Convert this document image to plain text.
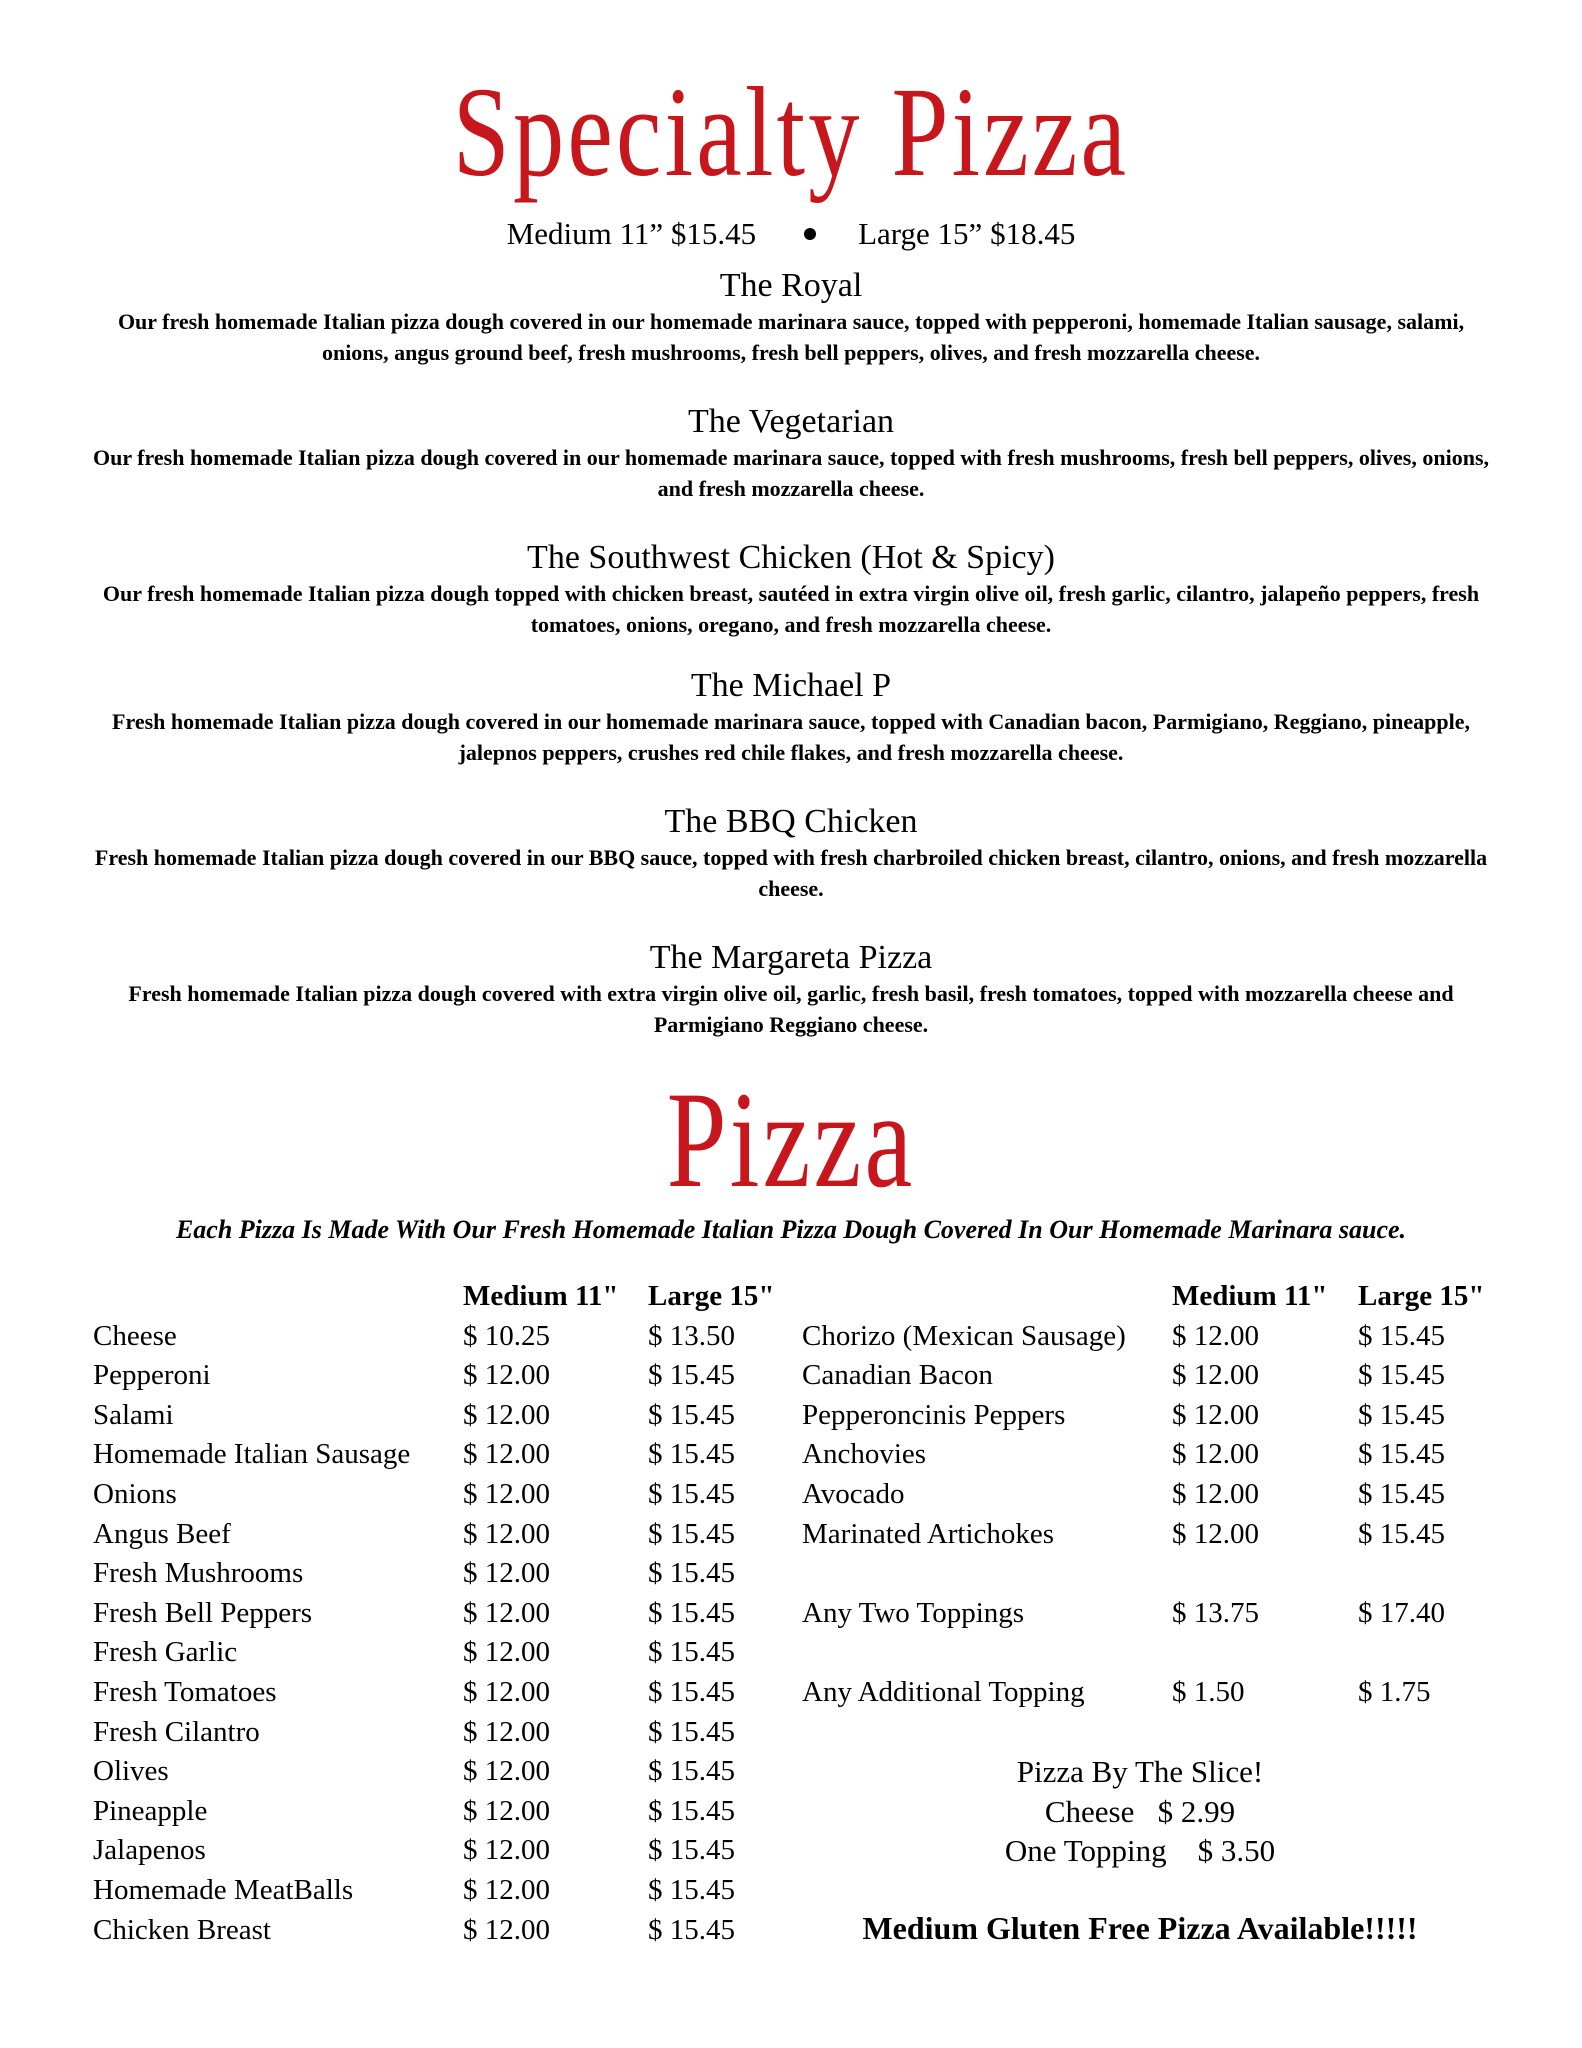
Specialty Pizza
Medium 11” $15.45	Large 15” $18.45
The Royal
Our fresh homemade Italian pizza dough covered in our homemade marinara sauce, topped with pepperoni, homemade Italian sausage, salami, onions, angus ground beef, fresh mushrooms, fresh bell peppers, olives, and fresh mozzarella cheese.
The Vegetarian
Our fresh homemade Italian pizza dough covered in our homemade marinara sauce, topped with fresh mushrooms, fresh bell peppers, olives, onions, and fresh mozzarella cheese.
The Southwest Chicken (Hot & Spicy)
Our fresh homemade Italian pizza dough topped with chicken breast, sautéed in extra virgin olive oil, fresh garlic, cilantro, jalapeño peppers, fresh tomatoes, onions, oregano, and fresh mozzarella cheese.
The Michael P
Fresh homemade Italian pizza dough covered in our homemade marinara sauce, topped with Canadian bacon, Parmigiano, Reggiano, pineapple, jalepnos peppers, crushes red chile flakes, and fresh mozzarella cheese.
The BBQ Chicken
Fresh homemade Italian pizza dough covered in our BBQ sauce, topped with fresh charbroiled chicken breast, cilantro, onions, and fresh mozzarella cheese.
The Margareta Pizza
Fresh homemade Italian pizza dough covered with extra virgin olive oil, garlic, fresh basil, fresh tomatoes, topped with mozzarella cheese and Parmigiano Reggiano cheese.
Pizza
Each Pizza Is Made With Our Fresh Homemade Italian Pizza Dough Covered In Our Homemade Marinara sauce.
Medium 11" Large 15"
Cheese	$ 10.25	$ 13.50
Pepperoni	$ 12.00	$ 15.45
Salami	$ 12.00	$ 15.45
Homemade Italian Sausage $ 12.00	$ 15.45
Onions	$ 12.00	$ 15.45
Angus Beef	$ 12.00	$ 15.45
Fresh Mushrooms	$ 12.00	$ 15.45
Fresh Bell Peppers	$ 12.00	$ 15.45
Fresh Garlic	$ 12.00	$ 15.45
Fresh Tomatoes	$ 12.00	$ 15.45
Fresh Cilantro	$ 12.00	$ 15.45
Olives	$ 12.00	$ 15.45
Pineapple	$ 12.00	$ 15.45
Jalapenos	$ 12.00	$ 15.45
Homemade MeatBalls	$ 12.00	$ 15.45
Chicken Breast	$ 12.00	$ 15.45
Medium 11" Large 15"
Chorizo (Mexican Sausage) $ 12.00	$ 15.45
Canadian Bacon	$ 12.00	$ 15.45
Pepperoncinis Peppers	$ 12.00	$ 15.45
Anchovies	$ 12.00	$ 15.45
Avocado	$ 12.00	$ 15.45
Marinated Artichokes	$ 12.00	$ 15.45
Any Two Toppings	$ 13.75	$ 17.40
Any Additional Topping	$ 1.50	$ 1.75
Pizza By The Slice!
Cheese $ 2.99
One Topping $ 3.50
Medium Gluten Free Pizza Available!!!!!
